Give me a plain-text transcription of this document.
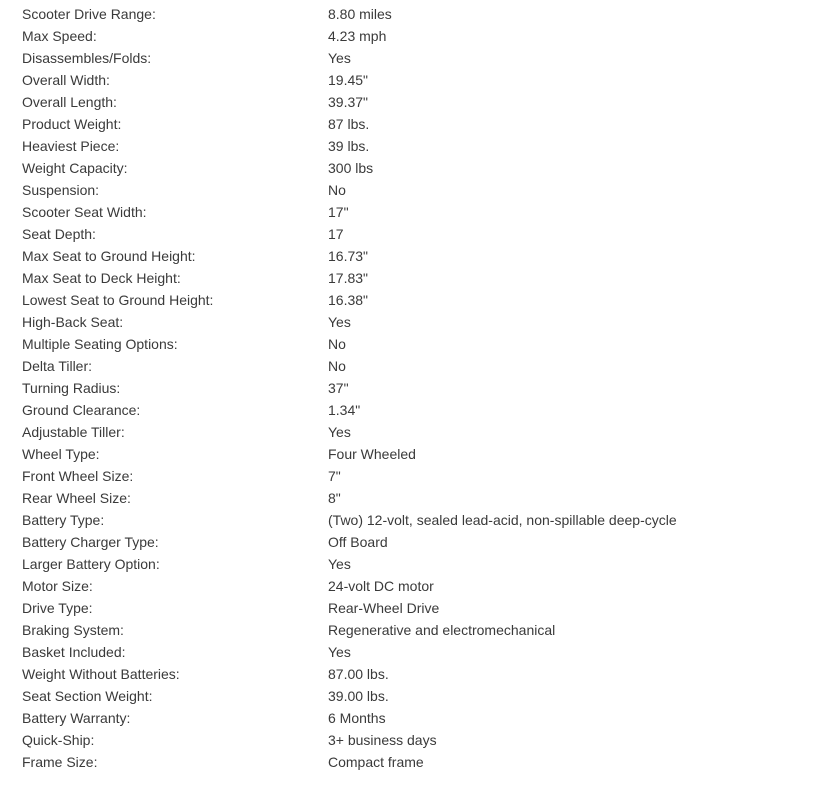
Scooter Drive Range:	8.80 miles
Max Speed:	4.23 mph
Disassembles/Folds:	Yes
Overall Width:	19.45"
Overall Length:	39.37"
Product Weight:	87 lbs.
Heaviest Piece:	39 lbs.
Weight Capacity:	300 lbs
Suspension:	No
Scooter Seat Width:	17"
Seat Depth:	17
Max Seat to Ground Height:	16.73"
Max Seat to Deck Height:	17.83"
Lowest Seat to Ground Height:	16.38"
High-Back Seat:	Yes
Multiple Seating Options:	No
Delta Tiller:	No
Turning Radius:	37"
Ground Clearance:	1.34"
Adjustable Tiller:	Yes
Wheel Type:	Four Wheeled
Front Wheel Size:	7"
Rear Wheel Size:	8"
Battery Type:	(Two) 12-volt, sealed lead-acid, non-spillable deep-cycle
Battery Charger Type:	Off Board
Larger Battery Option:	Yes
Motor Size:	24-volt DC motor
Drive Type:	Rear-Wheel Drive
Braking System:	Regenerative and electromechanical
Basket Included:	Yes
Weight Without Batteries:	87.00 lbs.
Seat Section Weight:	39.00 lbs.
Battery Warranty:	6 Months
Quick-Ship:	3+ business days
Frame Size:	Compact frame
